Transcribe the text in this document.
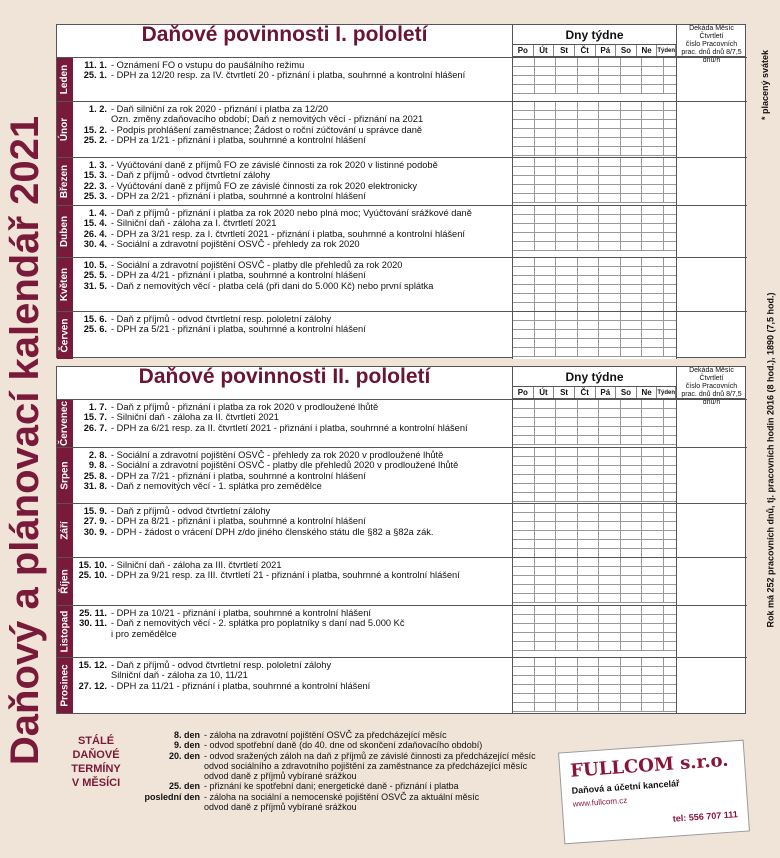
Daňový a plánovací kalendář 2021
Daňové povinnosti I. pololetí	Dny týdne
Po	Út	St	Čt	Pá	So	Ne Týden
Dekáda Měsíc Čtvrtletí
číslo Pracovních
prac. dnů dnů 8/7,5 dnů/h
Leden	11. 1. - Oznámení FO o vstupu do paušálního režimu
25. 1. - DPH za 12/20 resp. za IV. čtvrtletí 20 - přiznání i platba, souhrnné a kontrolní hlášení
Únor
1. 2. - Daň silniční za rok 2020 - přiznání i platba za 12/20
Ozn. změny zdaňovacího období; Daň z nemovitých věcí - přiznání na 2021
15. 2. - Podpis prohlášení zaměstnance; Žádost o roční zúčtování u správce daně
25. 2. - DPH za 1/21 - přiznání i platba, souhrnné a kontrolní hlášení
Březen	1. 3. - Vyúčtování daně z příjmů FO ze závislé činnosti za rok 2020 v listinné podobě
15. 3. - Daň z příjmů - odvod čtvrtletní zálohy
22. 3. - Vyúčtování daně z příjmů FO ze závislé činnosti za rok 2020 elektronicky
25. 3. - DPH za 2/21 - přiznání i platba, souhrnné a kontrolní hlášení
Duben
1. 4. - Daň z příjmů - přiznání i platba za rok 2020 nebo plná moc; Vyúčtování srážkové daně
15. 4. - Silniční daň - záloha za I. čtvrtletí 2021
26. 4. - DPH za 3/21 resp. za I. čtvrtletí 2021 - přiznání i platba, souhrnné a kontrolní hlášení
30. 4. - Sociální a zdravotní pojištění OSVČ - přehledy za rok 2020
Květen
10. 5. - Sociální a zdravotní pojištění OSVČ - platby dle přehledů za rok 2020
25. 5. - DPH za 4/21 - přiznání i platba, souhrnné a kontrolní hlášení
31. 5. - Daň z nemovitých věcí - platba celá (při dani do 5.000 Kč) nebo první splátka
Červen	15. 6. - Daň z příjmů - odvod čtvrtletní resp. pololetní zálohy
25. 6. - DPH za 5/21 - přiznání i platba, souhrnné a kontrolní hlášení
Daňové povinnosti II. pololetí	Dny týdne
Po	Út	St	Čt	Pá	So	Ne Týden
Dekáda Měsíc Čtvrtletí
číslo Pracovních
prac. dnů dnů 8/7,5 dnů/h
Červenec	1. 7. - Daň z příjmů - přiznání i platba za rok 2020 v prodloužené lhůtě
15. 7. - Silniční daň - záloha za II. čtvrtletí 2021
26. 7. - DPH za 6/21 resp. za II. čtvrtletí 2021 - přiznání i platba, souhrnné a kontrolní hlášení
Srpen
2. 8. - Sociální a zdravotní pojištění OSVČ - přehledy za rok 2020 v prodloužené lhůtě
9. 8. - Sociální a zdravotní pojištění OSVČ - platby dle přehledů 2020 v prodloužené lhůtě
25. 8. - DPH za 7/21 - přiznání i platba, souhrnné a kontrolní hlášení
31. 8. - Daň z nemovitých věcí - 1. splátka pro zemědělce
Září
15. 9. - Daň z příjmů - odvod čtvrtletní zálohy
27. 9. - DPH za 8/21 - přiznání i platba, souhrnné a kontrolní hlášení
30. 9. - DPH - žádost o vrácení DPH z/do jiného členského státu dle §82 a §82a zák.
Říjen
15. 10. - Silniční daň - záloha za III. čtvrtletí 2021
25. 10. - DPH za 9/21 resp. za III. čtvrtletí 21 - přiznání i platba, souhrnné a kontrolní hlášení
Listopad 25. 11. - DPH za 10/21 - přiznání i platba, souhrnné a kontrolní hlášení
30. 11. - Daň z nemovitých věcí - 2. splátka pro poplatníky s daní nad 5.000 Kč
i pro zemědělce
Prosinec 15. 12. - Daň z příjmů - odvod čtvrtletní resp. pololetní zálohy
Silniční daň - záloha za 10, 11/21
27. 12. - DPH za 11/21 - přiznání i platba, souhrnné a kontrolní hlášení
* placený svátek
Rok má 252 pracovních dnů, tj. pracovních hodin 2016 (8 hod.), 1890 (7,5 hod.)
STÁLÉ
DAŇOVÉ
TERMÍNY
V MĚSÍCI
8. den - záloha na zdravotní pojištění OSVČ za předcházející měsíc
9. den - odvod spotřební daně (do 40. dne od skončení zdaňovacího období)
20. den - odvod sražených záloh na daň z příjmů ze závislé činnosti za předcházející měsíc
odvod sociálního a zdravotního pojištění za zaměstnance za předcházející měsíc
odvod daně z příjmů vybírané srážkou
25. den - přiznání ke spotřební dani; energetické daně - přiznání i platba
poslední den - záloha na sociální a nemocenské pojištění OSVČ za aktuální měsíc
odvod daně z příjmů vybírané srážkou
FULLCOM s.r.o.
Daňová a účetní kancelář
www.fullcom.cz
tel: 556 707 111
